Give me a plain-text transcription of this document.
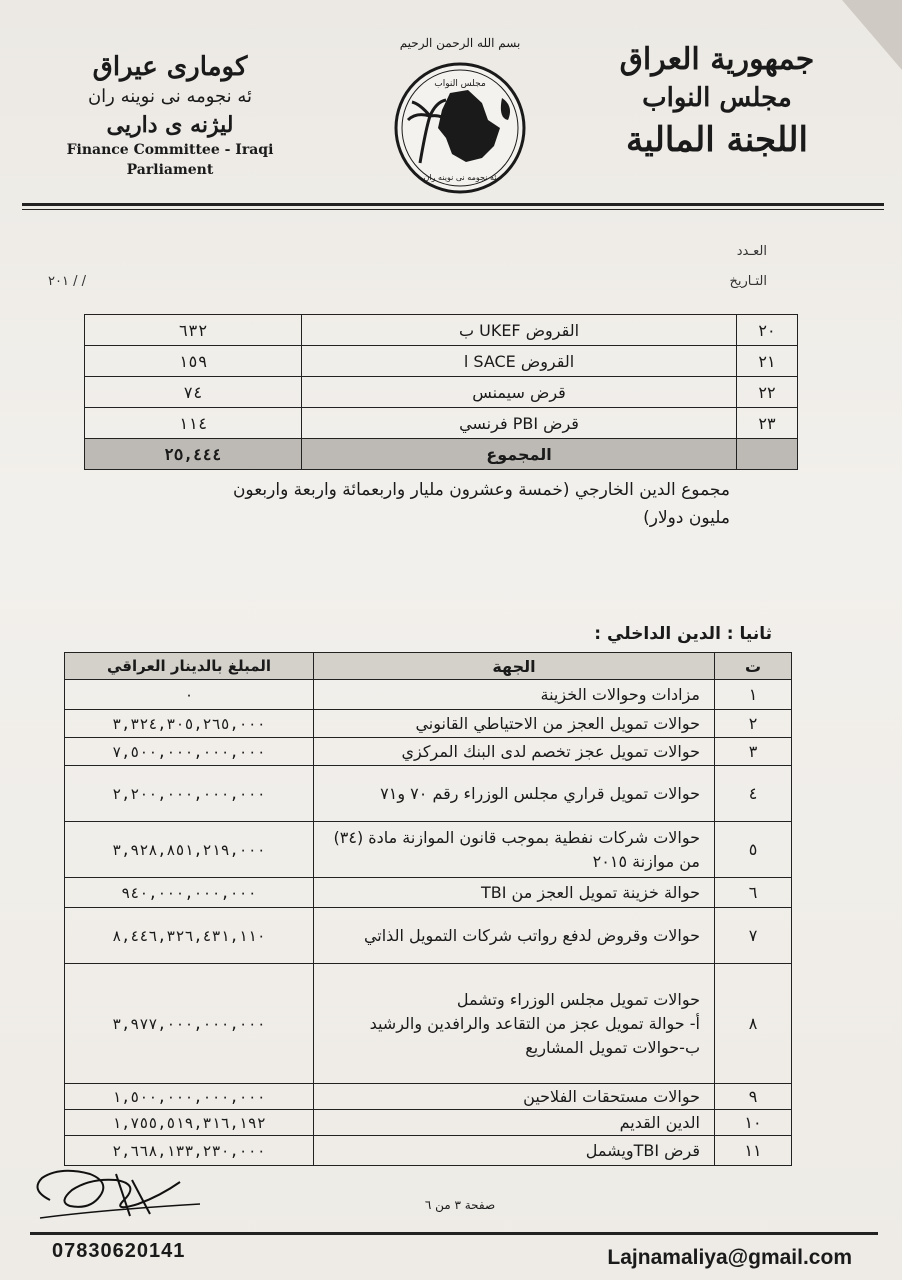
جمهورية العراق
مجلس النواب
اللجنة المالية
كوماری عیراق
ئه نجومه نی نوینه ران
لیژنه ی داریی
Finance Committee - Iraqi
Parliament
بسم الله الرحمن الرحيم
مجلس النواب
ئه نجومه نی نوینه ران
العـدد
التـاريخ
/ / ٢٠١
٢٠	القروض UKEF ب	٦٣٢
٢١	القروض SACE ا	١٥٩
٢٢	قرض سيمنس	٧٤
٢٣	قرض PBI فرنسي	١١٤
	المجموع	٢٥,٤٤٤
مجموع الدين الخارجي (خمسة وعشرون مليار واربعمائة واربعة واربعون
مليون دولار)
ثانيا : الدين الداخلي :
ت	الجهة	المبلغ بالدينار العراقي
١	مزادات وحوالات الخزينة	٠
٢	حوالات تمويل العجز من الاحتياطي القانوني	٣,٣٢٤,٣٠٥,٢٦٥,٠٠٠
٣	حوالات تمويل عجز تخصم لدى البنك المركزي	٧,٥٠٠,٠٠٠,٠٠٠,٠٠٠
٤	حوالات تمويل قراري مجلس الوزراء رقم ٧٠ و٧١	٢,٢٠٠,٠٠٠,٠٠٠,٠٠٠
٥	حوالات شركات نفطية بموجب قانون الموازنة مادة (٣٤) من موازنة ٢٠١٥	٣,٩٢٨,٨٥١,٢١٩,٠٠٠
٦	حوالة خزينة تمويل العجز من TBI	٩٤٠,٠٠٠,٠٠٠,٠٠٠
٧	حوالات وقروض لدفع رواتب شركات التمويل الذاتي	٨,٤٤٦,٣٢٦,٤٣١,١١٠
٨	حوالات تمويل مجلس الوزراء وتشمل
أ- حوالة تمويل عجز من التقاعد والرافدين والرشيد
ب-حوالات تمويل المشاريع	٣,٩٧٧,٠٠٠,٠٠٠,٠٠٠
٩	حوالات مستحقات الفلاحين	١,٥٠٠,٠٠٠,٠٠٠,٠٠٠
١٠	الدين القديم	١,٧٥٥,٥١٩,٣١٦,١٩٢
١١	قرض TBIويشمل	٢,٦٦٨,١٣٣,٢٣٠,٠٠٠
صفحة ٣ من ٦
07830620141	Lajnamaliya@gmail.com
